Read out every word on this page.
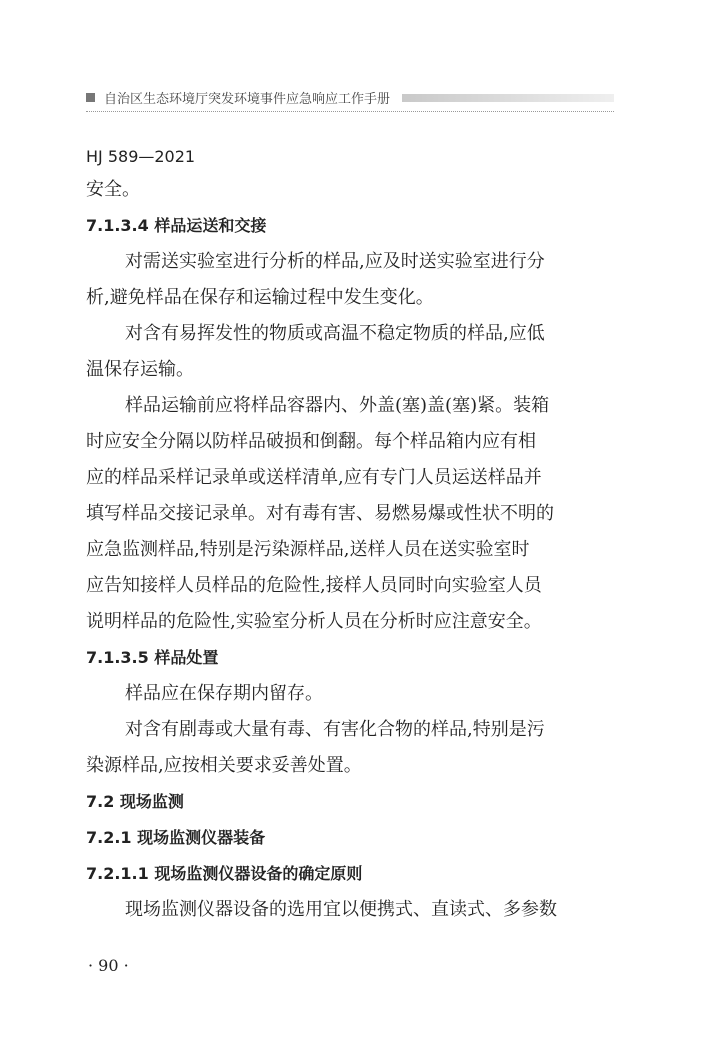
自治区生态环境厅突发环境事件应急响应工作手册
HJ 589—2021
安全。
7.1.3.4 样品运送和交接
对需送实验室进行分析的样品,应及时送实验室进行分
析,避免样品在保存和运输过程中发生变化。
对含有易挥发性的物质或高温不稳定物质的样品,应低
温保存运输。
样品运输前应将样品容器内、外盖(塞)盖(塞)紧。装箱
时应安全分隔以防样品破损和倒翻。每个样品箱内应有相
应的样品采样记录单或送样清单,应有专门人员运送样品并
填写样品交接记录单。对有毒有害、易燃易爆或性状不明的
应急监测样品,特别是污染源样品,送样人员在送实验室时
应告知接样人员样品的危险性,接样人员同时向实验室人员
说明样品的危险性,实验室分析人员在分析时应注意安全。
7.1.3.5 样品处置
样品应在保存期内留存。
对含有剧毒或大量有毒、有害化合物的样品,特别是污
染源样品,应按相关要求妥善处置。
7.2 现场监测
7.2.1 现场监测仪器装备
7.2.1.1 现场监测仪器设备的确定原则
现场监测仪器设备的选用宜以便携式、直读式、多参数
· 90 ·
